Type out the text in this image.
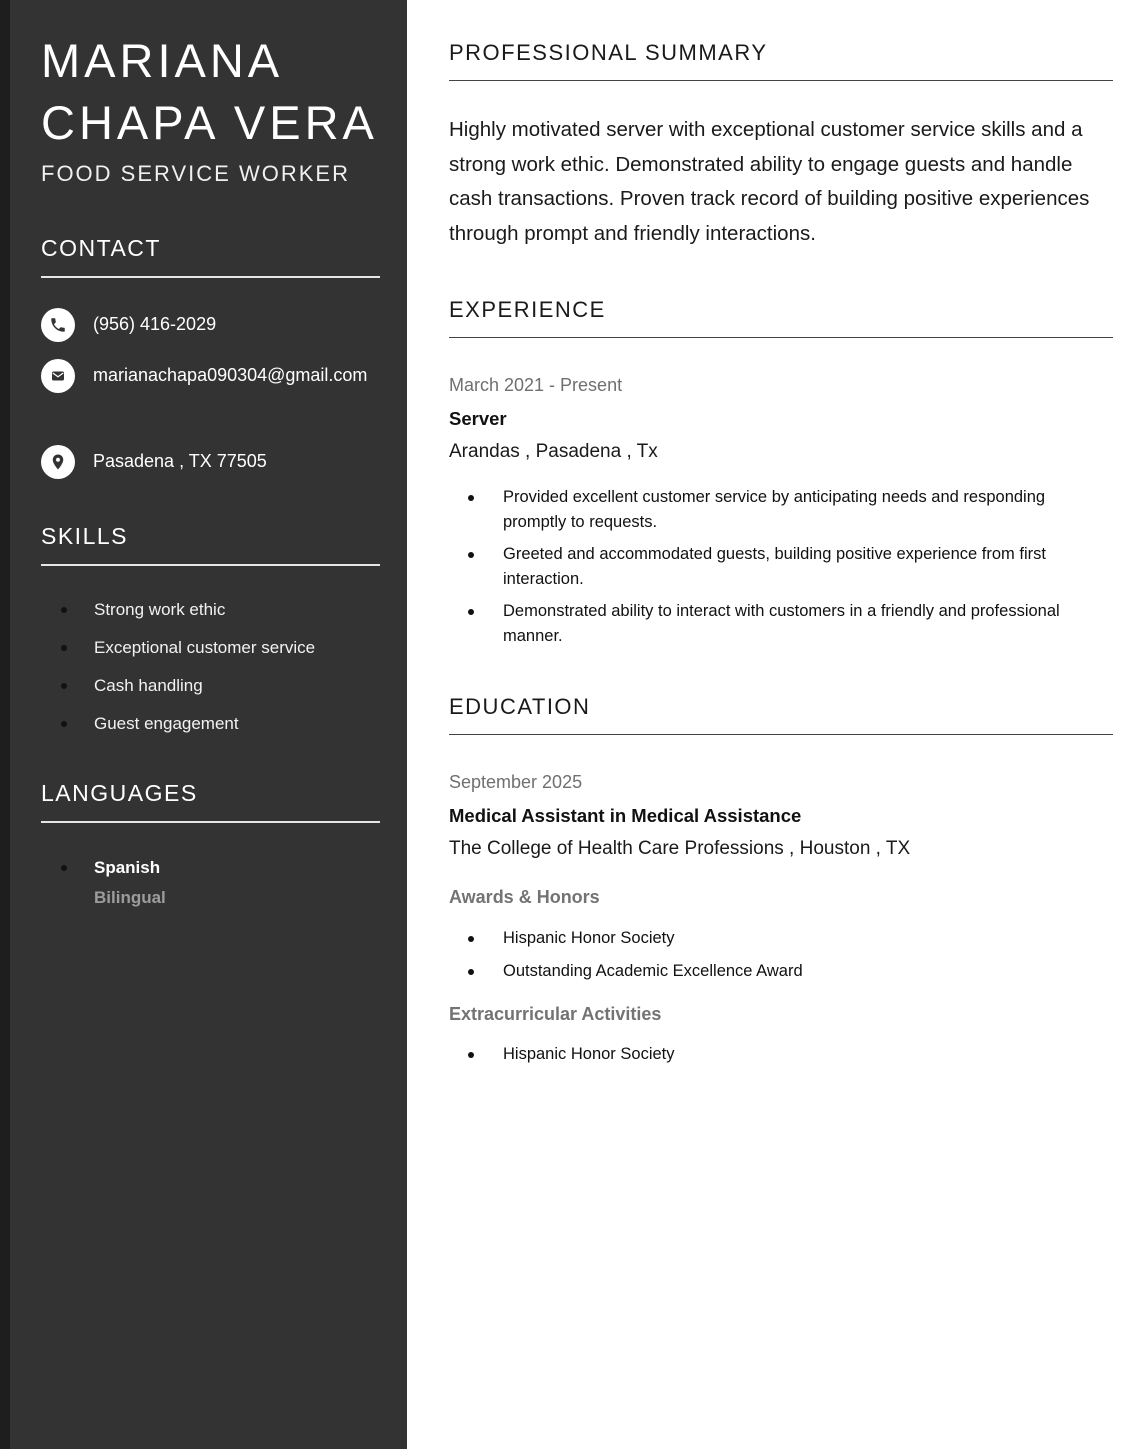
MARIANA
CHAPA VERA
FOOD SERVICE WORKER
CONTACT
(956) 416-2029
marianachapa090304@gmail.com
Pasadena , TX 77505
SKILLS
Strong work ethic
Exceptional customer service
Cash handling
Guest engagement
LANGUAGES
Spanish
Bilingual
PROFESSIONAL SUMMARY

Highly motivated server with exceptional customer service skills and a strong work ethic. Demonstrated ability to engage guests and handle cash transactions. Proven track record of building positive experiences through prompt and friendly interactions.

EXPERIENCE
March 2021 - Present
Server
Arandas , Pasadena , Tx
Provided excellent customer service by anticipating needs and responding promptly to requests.
Greeted and accommodated guests, building positive experience from first interaction.
Demonstrated ability to interact with customers in a friendly and professional manner.
EDUCATION
September 2025
Medical Assistant in Medical Assistance
The College of Health Care Professions , Houston , TX
Awards & Honors
Hispanic Honor Society
Outstanding Academic Excellence Award
Extracurricular Activities
Hispanic Honor Society
